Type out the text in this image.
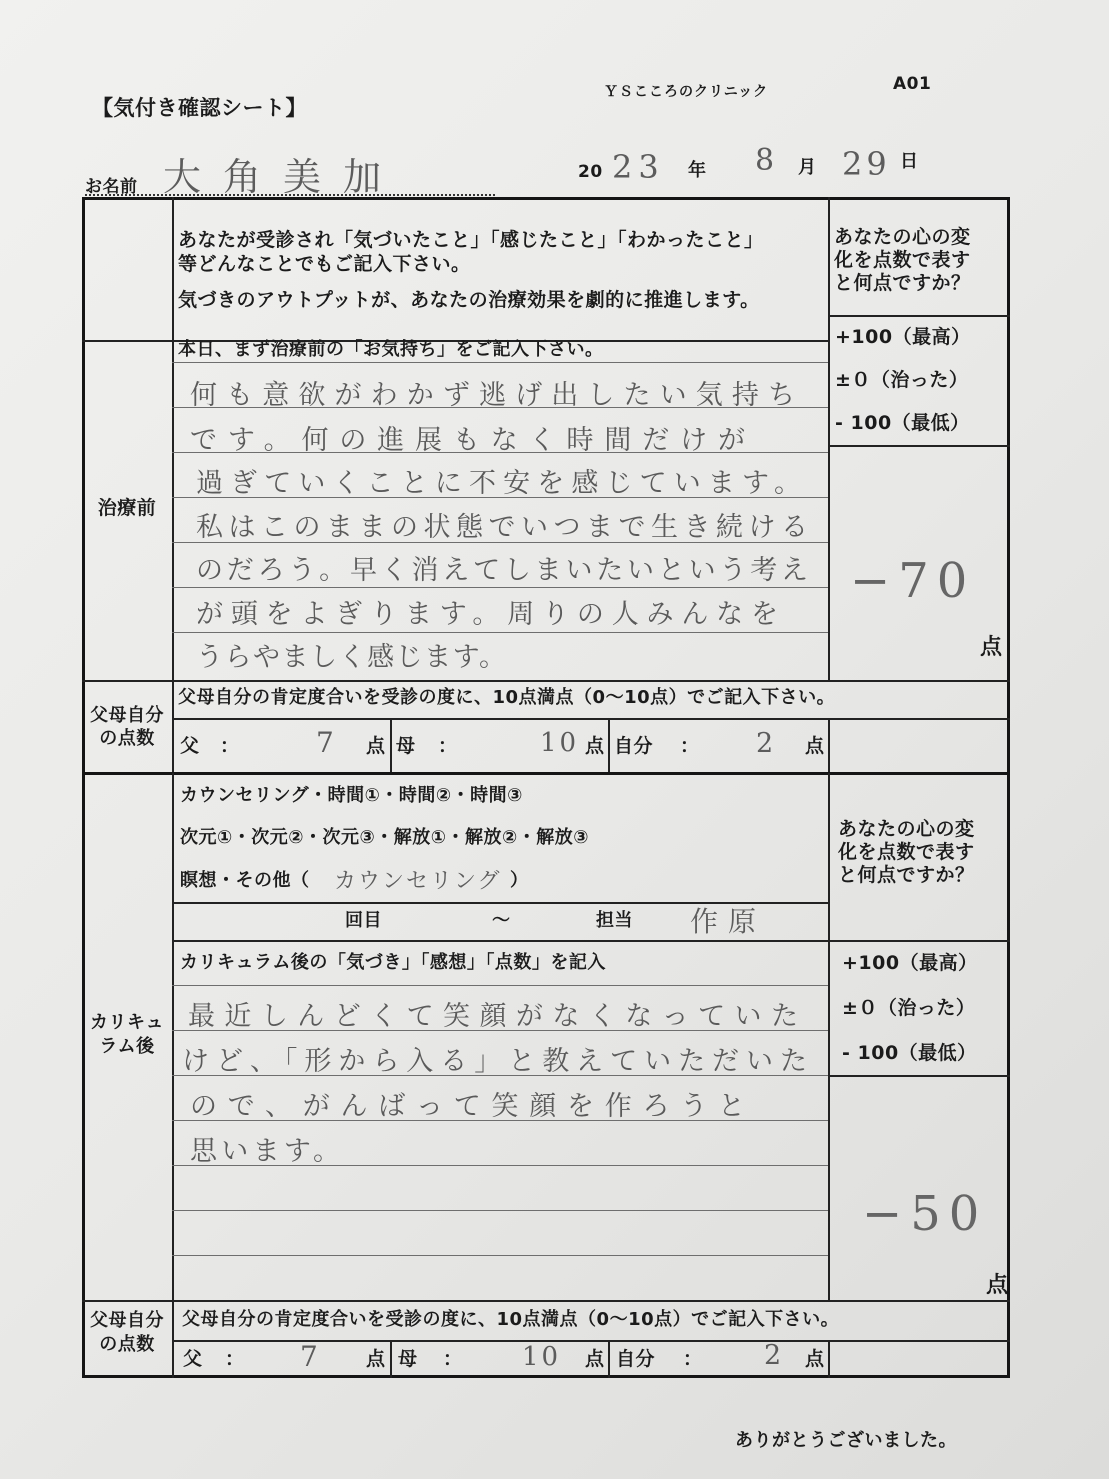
【気付き確認シート】
ＹＳこころのクリニック	A01
お名前 大角美加	20 23 年 8 月 29 日
あなたが受診され「気づいたこと」「感じたこと」「わかったこと」
等どんなことでもご記入下さい。
気づきのアウトプットが、あなたの治療効果を劇的に推進します。
あなたの心の変
化を点数で表す
と何点ですか？
治療前
本日、まず治療前の「お気持ち」をご記入下さい。
何も意欲がわかず逃げ出したい気持ち
です。何の進展もなく時間だけが
過ぎていくことに不安を感じています。
私はこのままの状態でいつまで生き続ける
のだろう。早く消えてしまいたいという考え
が頭をよぎります。周りの人みんなを
うらやましく感じます。
+100（最高）
±０（治った）
- 100（最低）
−70
点
父母自分
の点数
父母自分の肯定度合いを受診の度に、10点満点（0～10点）でご記入下さい。
父 ：	7 点 母 ：	10 点 自分 ： 2 点
カリキュ
ラム後
カウンセリング・時間①・時間②・時間③
次元①・次元②・次元③・解放①・解放②・解放③
瞑想・その他（ カウンセリング ）
回目	～	担当 作原
あなたの心の変
化を点数で表す
と何点ですか？
カリキュラム後の「気づき」「感想」「点数」を記入
最近しんどくて笑顔がなくなっていた
けど、「形から入る」と教えていただいた
ので、がんばって笑顔を作ろうと
思います。
+100（最高）
±０（治った）
- 100（最低）
−50
点
父母自分
の点数
父母自分の肯定度合いを受診の度に、10点満点（0～10点）でご記入下さい。
父 ： 7	点 母 ： 10 点 自分 ： 2 点
ありがとうございました。
